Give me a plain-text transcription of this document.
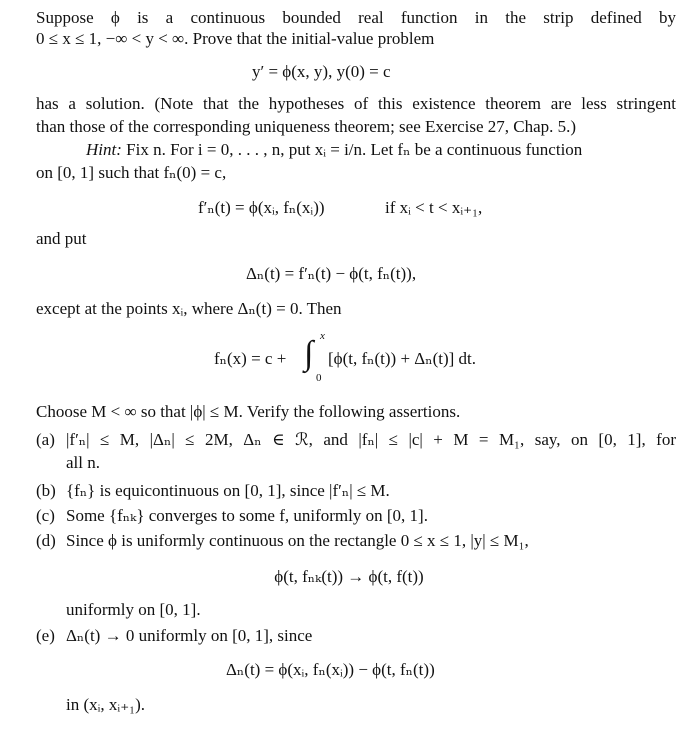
Suppose ϕ is a continuous bounded real function in the strip defined by

0 ≤ x ≤ 1, −∞ < y < ∞. Prove that the initial-value problem

y′ = ϕ(x, y), y(0) = c

has a solution. (Note that the hypotheses of this existence theorem are less stringent

than those of the corresponding uniqueness theorem; see Exercise 27, Chap. 5.)

Hint: Fix n. For i = 0, . . . , n, put xᵢ = i/n. Let fₙ be a continuous function

on [0, 1] such that fₙ(0) = c,

f′ₙ(t) = ϕ(xᵢ, fₙ(xᵢ))	if xᵢ < t < xᵢ₊₁,

and put

Δₙ(t) = f′ₙ(t) − ϕ(t, fₙ(t)),

except at the points xᵢ, where Δₙ(t) = 0. Then

fₙ(x) = c + ∫ x

0

[ϕ(t, fₙ(t)) + Δₙ(t)] dt.

Choose M < ∞ so that |ϕ| ≤ M. Verify the following assertions.

(a) |f′ₙ| ≤ M, |Δₙ| ≤ 2M, Δₙ ∈ ℛ, and |fₙ| ≤ |c| + M = M₁, say, on [0, 1], for

all n.

(b) {fₙ} is equicontinuous on [0, 1], since |f′ₙ| ≤ M.

(c) Some {fₙₖ} converges to some f, uniformly on [0, 1].

(d) Since ϕ is uniformly continuous on the rectangle 0 ≤ x ≤ 1, |y| ≤ M₁,

ϕ(t, fₙₖ(t)) → ϕ(t, f(t))

uniformly on [0, 1].

(e) Δₙ(t) → 0 uniformly on [0, 1], since

Δₙ(t) = ϕ(xᵢ, fₙ(xᵢ)) − ϕ(t, fₙ(t))

in (xᵢ, xᵢ₊₁).
